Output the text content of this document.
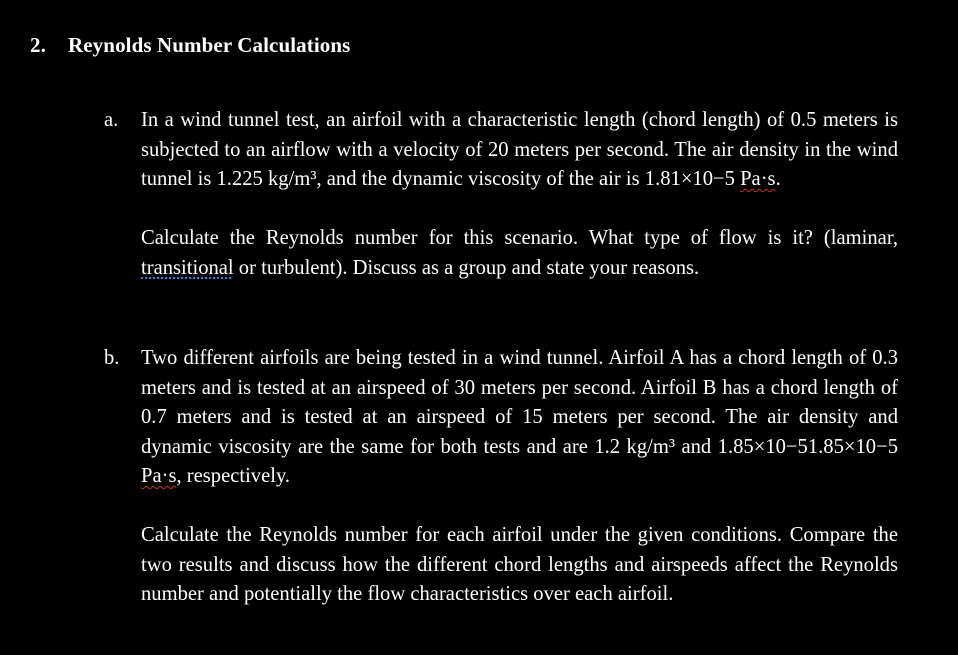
2. Reynolds Number Calculations
a. In a wind tunnel test, an airfoil with a characteristic length (chord length) of 0.5 meters is subjected to an airflow with a velocity of 20 meters per second. The air density in the wind tunnel is 1.225 kg/m³, and the dynamic viscosity of the air is 1.81×10−5 Pa·s.

Calculate the Reynolds number for this scenario. What type of flow is it? (laminar, transitional or turbulent). Discuss as a group and state your reasons.

b. Two different airfoils are being tested in a wind tunnel. Airfoil A has a chord length of 0.3 meters and is tested at an airspeed of 30 meters per second. Airfoil B has a chord length of 0.7 meters and is tested at an airspeed of 15 meters per second. The air density and dynamic viscosity are the same for both tests and are 1.2 kg/m³ and 1.85×10−51.85×10−5 Pa·s, respectively.

Calculate the Reynolds number for each airfoil under the given conditions. Compare the two results and discuss how the different chord lengths and airspeeds affect the Reynolds number and potentially the flow characteristics over each airfoil.
